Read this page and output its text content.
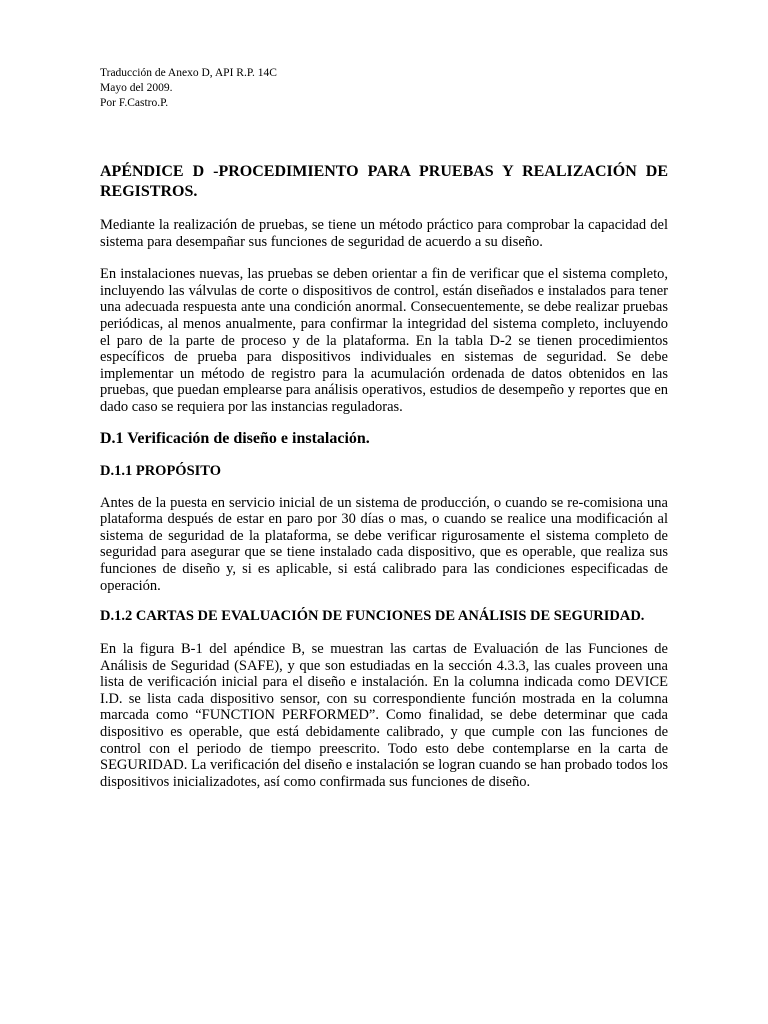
Traducción de Anexo D, API R.P. 14C

Mayo del 2009.

Por F.Castro.P.

APÉNDICE D -PROCEDIMIENTO PARA PRUEBAS Y REALIZACIÓN DE REGISTROS.

Mediante la realización de pruebas, se tiene un método práctico para comprobar la capacidad del sistema para desempañar sus funciones de seguridad de acuerdo a su diseño.

En instalaciones nuevas, las pruebas se deben orientar a fin de verificar que el sistema completo, incluyendo las válvulas de corte o dispositivos de control, están diseñados e instalados para tener una adecuada respuesta ante una condición anormal. Consecuentemente, se debe realizar pruebas periódicas, al menos anualmente, para confirmar la integridad del sistema completo, incluyendo el paro de la parte de proceso y de la plataforma. En la tabla D-2 se tienen procedimientos específicos de prueba para dispositivos individuales en sistemas de seguridad. Se debe implementar un método de registro para la acumulación ordenada de datos obtenidos en las pruebas, que puedan emplearse para análisis operativos, estudios de desempeño y reportes que en dado caso se requiera por las instancias reguladoras.

D.1 Verificación de diseño e instalación.
D.1.1 PROPÓSITO

Antes de la puesta en servicio inicial de un sistema de producción, o cuando se re-comisiona una plataforma después de estar en paro por 30 días o mas, o cuando se realice una modificación al sistema de seguridad de la plataforma, se debe verificar rigurosamente el sistema completo de seguridad para asegurar que se tiene instalado cada dispositivo, que es operable, que realiza sus funciones de diseño y, si es aplicable, si está calibrado para las condiciones especificadas de operación.

D.1.2 CARTAS DE EVALUACIÓN DE FUNCIONES DE ANÁLISIS DE SEGURIDAD.

En la figura B-1 del apéndice B, se muestran las cartas de Evaluación de las Funciones de Análisis de Seguridad (SAFE), y que son estudiadas en la sección 4.3.3, las cuales proveen una lista de verificación inicial para el diseño e instalación. En la columna indicada como DEVICE I.D. se lista cada dispositivo sensor, con su correspondiente función mostrada en la columna marcada como “FUNCTION PERFORMED”. Como finalidad, se debe determinar que cada dispositivo es operable, que está debidamente calibrado, y que cumple con las funciones de control con el periodo de tiempo preescrito. Todo esto debe contemplarse en la carta de SEGURIDAD. La verificación del diseño e instalación se logran cuando se han probado todos los dispositivos inicializadotes, así como confirmada sus funciones de diseño.
